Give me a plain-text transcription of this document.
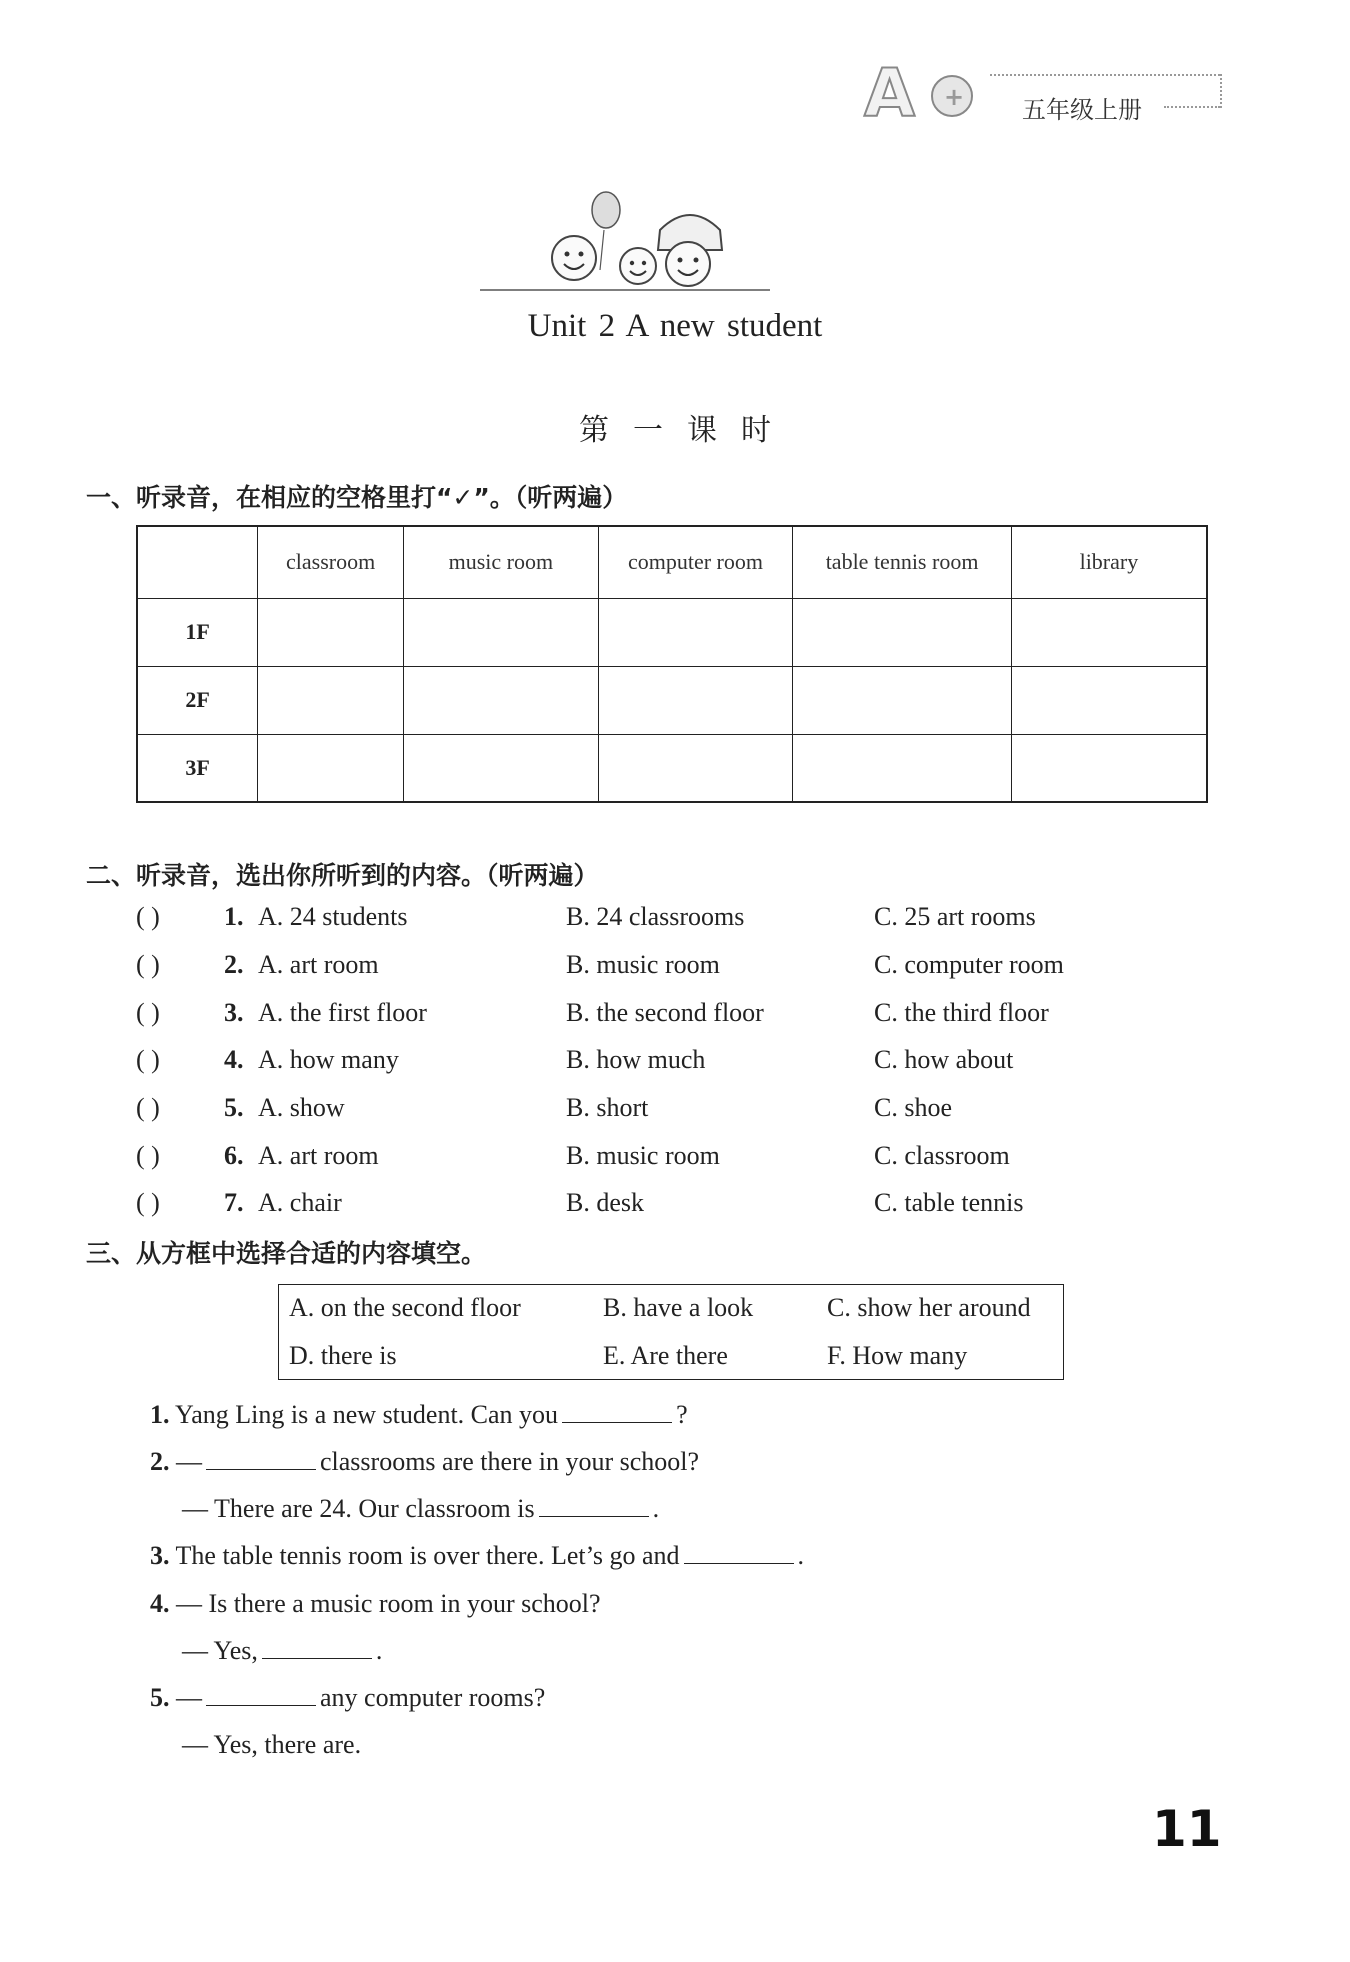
A + 五年级上册
Unit 2 A new student
第一课时
一、听录音，在相应的空格里打“✓”。（听两遍）
	classroom	music room	computer room	table tennis room	library
1F					
2F					
3F					
二、听录音，选出你所听到的内容。（听两遍）
( ) 1. A. 24 students	B. 24 classrooms	C. 25 art rooms
( ) 2. A. art room	B. music room	C. computer room
( ) 3. A. the first floor	B. the second floor	C. the third floor
( ) 4. A. how many	B. how much	C. how about
( ) 5. A. show	B. short	C. shoe
( ) 6. A. art room	B. music room	C. classroom
( ) 7. A. chair	B. desk	C. table tennis
三、从方框中选择合适的内容填空。
A. on the second floor	B. have a look	C. show her around
D. there is	E. Are there	F. How many
1. Yang Ling is a new student. Can you	?
2. —	classrooms are there in your school?
— There are 24. Our classroom is	.
3. The table tennis room is over there. Let’s go and	.
4. — Is there a music room in your school?
— Yes,	.
5. —	any computer rooms?
— Yes, there are.
11
